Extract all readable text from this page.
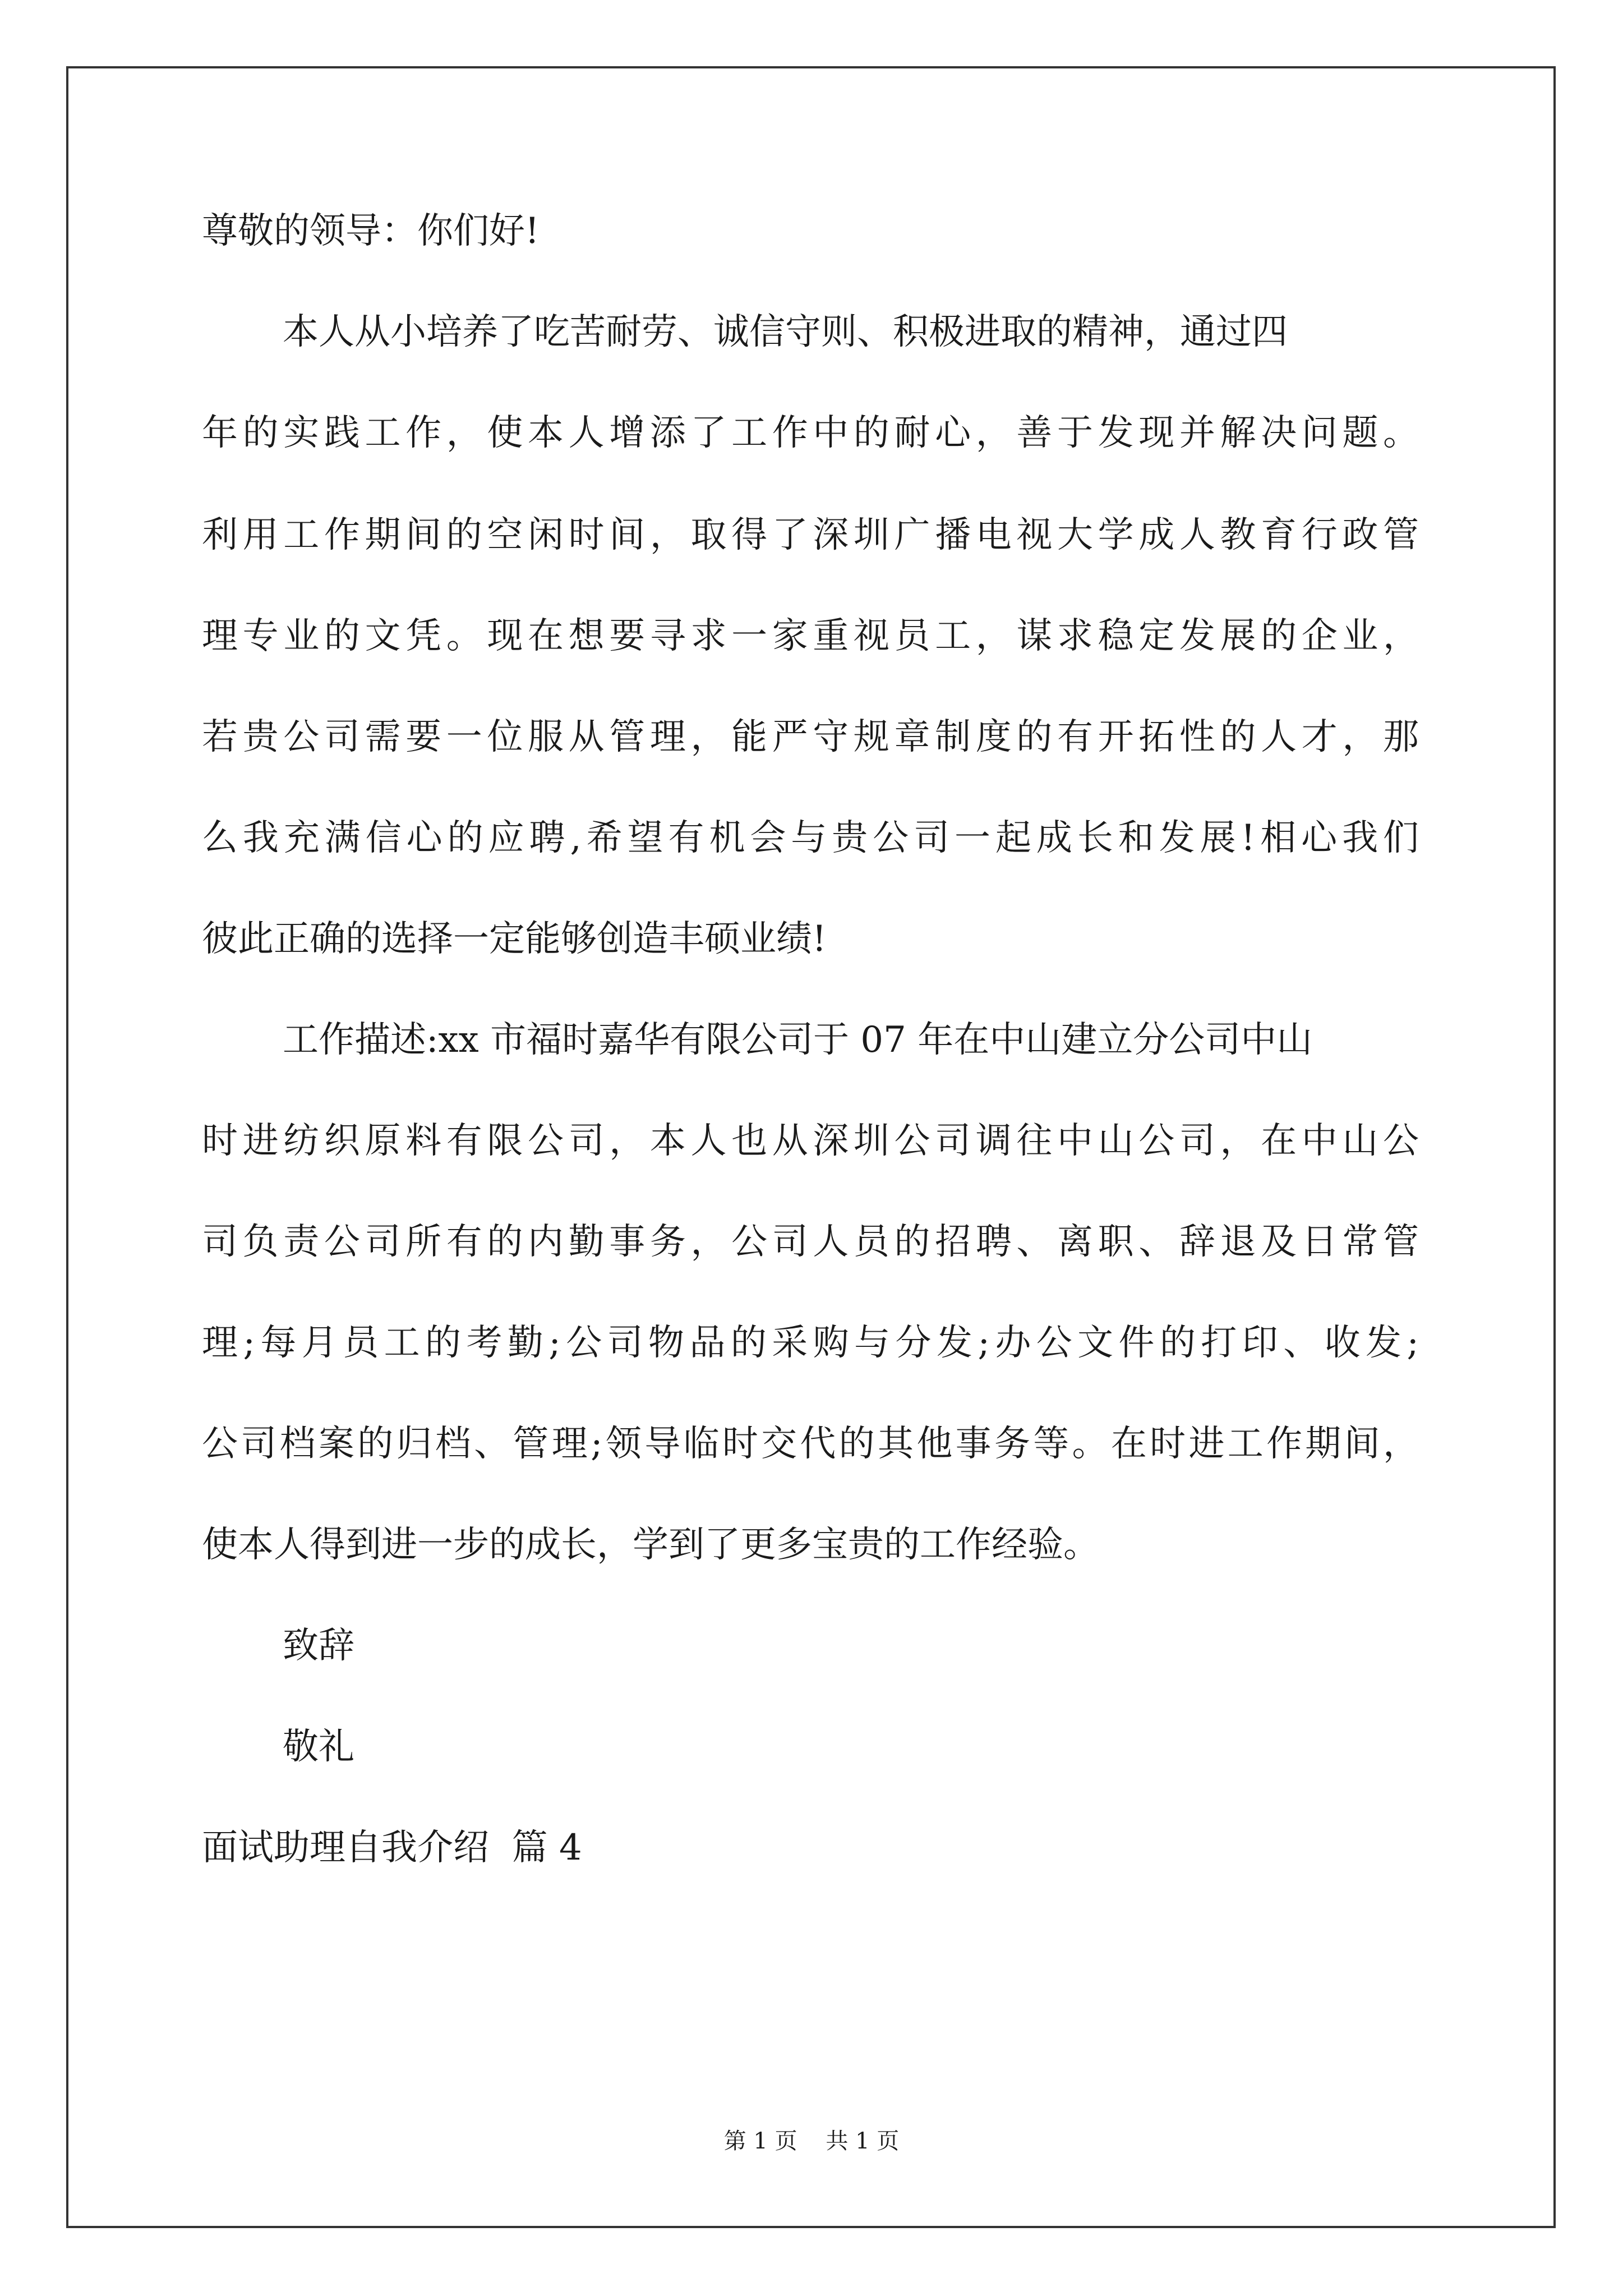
尊敬的领导：你们好!

本人从小培养了吃苦耐劳、诚信守则、积极进取的精神，通过四

年的实践工作，使本人增添了工作中的耐心，善于发现并解决问题。

利用工作期间的空闲时间，取得了深圳广播电视大学成人教育行政管

理专业的文凭。现在想要寻求一家重视员工，谋求稳定发展的企业，

若贵公司需要一位服从管理，能严守规章制度的有开拓性的人才，那

么我充满信心的应聘,希望有机会与贵公司一起成长和发展!相心我们

彼此正确的选择一定能够创造丰硕业绩!

工作描述:xx 市福时嘉华有限公司于 07 年在中山建立分公司中山

时进纺织原料有限公司，本人也从深圳公司调往中山公司，在中山公

司负责公司所有的内勤事务，公司人员的招聘、离职、辞退及日常管

理;每月员工的考勤;公司物品的采购与分发;办公文件的打印、收发;

公司档案的归档、管理;领导临时交代的其他事务等。在时进工作期间，

使本人得到进一步的成长，学到了更多宝贵的工作经验。

致辞

敬礼

面试助理自我介绍  篇 4

第 1 页    共 1 页
